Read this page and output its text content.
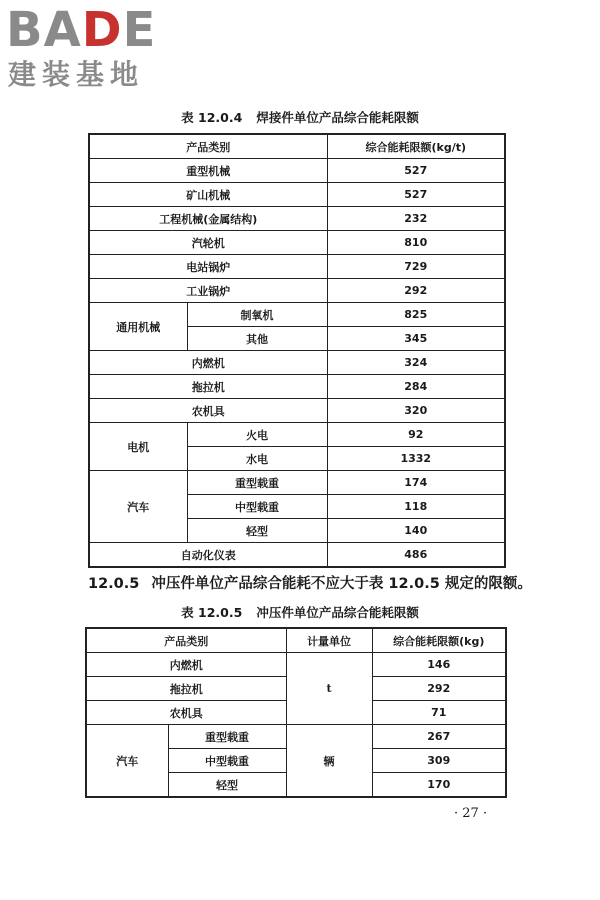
BADE
建装基地
表 12.0.4 焊接件单位产品综合能耗限额
产品类别		综合能耗限额(kg/t)
重型机械		527
矿山机械		527
工程机械(金属结构)		232
汽轮机		810
电站锅炉		729
工业锅炉		292
通用机械	制氧机	825
	其他	345
内燃机		324
拖拉机		284
农机具		320
电机	火电	92
	水电	1332
汽车	重型载重	174
	中型载重	118
	轻型	140
自动化仪表		486
12.0.5 冲压件单位产品综合能耗不应大于表 12.0.5 规定的限额。
表 12.0.5 冲压件单位产品综合能耗限额
产品类别		计量单位	综合能耗限额(kg)
内燃机		t	146
拖拉机			292
农机具			71
汽车	重型载重	辆	267
	中型载重		309
	轻型		170
· 27 ·
